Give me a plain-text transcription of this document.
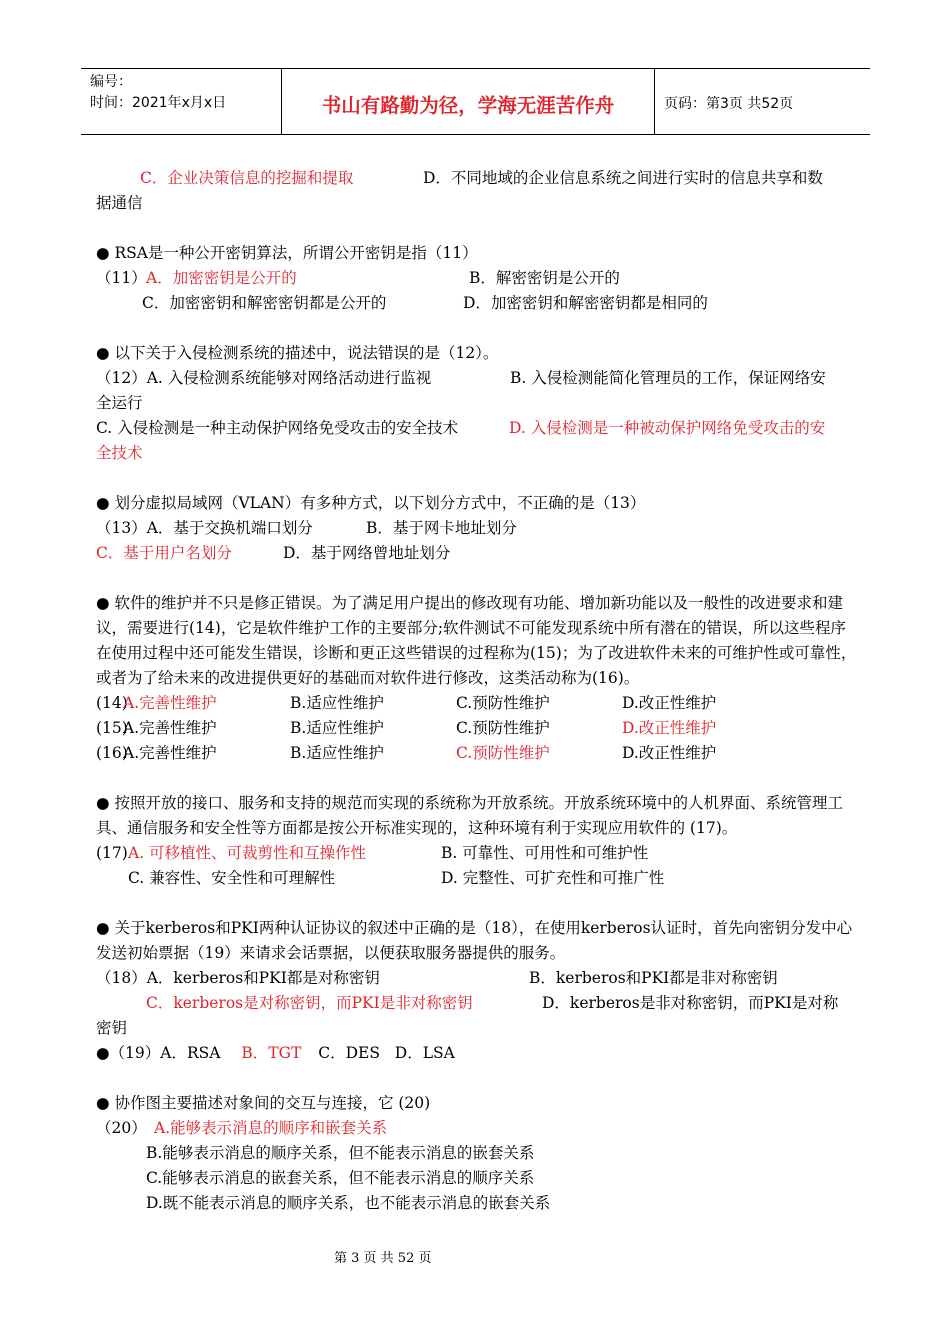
编号：
时间：2021年x月x日	书山有路勤为径，学海无涯苦作舟	页码：第3页 共52页
C．企业决策信息的挖掘和提取	D．不同地域的企业信息系统之间进行实时的信息共享和数
据通信
● RSA是一种公开密钥算法，所谓公开密钥是指（11）
（11） A．加密密钥是公开的	B．解密密钥是公开的
C．加密密钥和解密密钥都是公开的	D．加密密钥和解密密钥都是相同的
● 以下关于入侵检测系统的描述中，说法错误的是（12）。
（12）A. 入侵检测系统能够对网络活动进行监视	B. 入侵检测能简化管理员的工作，保证网络安
全运行
C. 入侵检测是一种主动保护网络免受攻击的安全技术	D. 入侵检测是一种被动保护网络免受攻击的安
全技术
● 划分虚拟局域网（VLAN）有多种方式，以下划分方式中，不正确的是（13）
（13）A．基于交换机端口划分	B．基于网卡地址划分
C．基于用户名划分	D．基于网络曾地址划分
● 软件的维护并不只是修正错误。为了满足用户提出的修改现有功能、增加新功能以及一般性的改进要求和建议，需要进行(14)，它是软件维护工作的主要部分;软件测试不可能发现系统中所有潜在的错误，所以这些程序在使用过程中还可能发生错误，诊断和更正这些错误的过程称为(15)；为了改进软件未来的可维护性或可靠性，或者为了给未来的改进提供更好的基础而对软件进行修改，这类活动称为(16)。
(14)
A.完善性维护	B.适应性维护	C.预防性维护	D.改正性维护
(15)
A.完善性维护	B.适应性维护	C.预防性维护	D.改正性维护
(16)
A.完善性维护	B.适应性维护	C.预防性维护	D.改正性维护
● 按照开放的接口、服务和支持的规范而实现的系统称为开放系统。开放系统环境中的人机界面、系统管理工具、通信服务和安全性等方面都是按公开标准实现的，这种环境有利于实现应用软件的 (17)。
(17) A. 可移植性、可裁剪性和互操作性	B. 可靠性、可用性和可维护性
C. 兼容性、安全性和可理解性	D. 完整性、可扩充性和可推广性
● 关于kerberos和PKI两种认证协议的叙述中正确的是（18），在使用kerberos认证时，首先向密钥分发中心发送初始票据（19）来请求会话票据，以便获取服务器提供的服务。
（18）A．kerberos和PKI都是对称密钥	B．kerberos和PKI都是非对称密钥
C．kerberos是对称密钥，而PKI是非对称密钥	D．kerberos是非对称密钥，而PKI是对称
密钥
●（19）A．RSA B．TGT C．DES   D．LSA
● 协作图主要描述对象间的交互与连接，它 (20)
（20） A.能够表示消息的顺序和嵌套关系
B.能够表示消息的顺序关系，但不能表示消息的嵌套关系
C.能够表示消息的嵌套关系，但不能表示消息的顺序关系
D.既不能表示消息的顺序关系，也不能表示消息的嵌套关系
第 3 页 共 52 页
